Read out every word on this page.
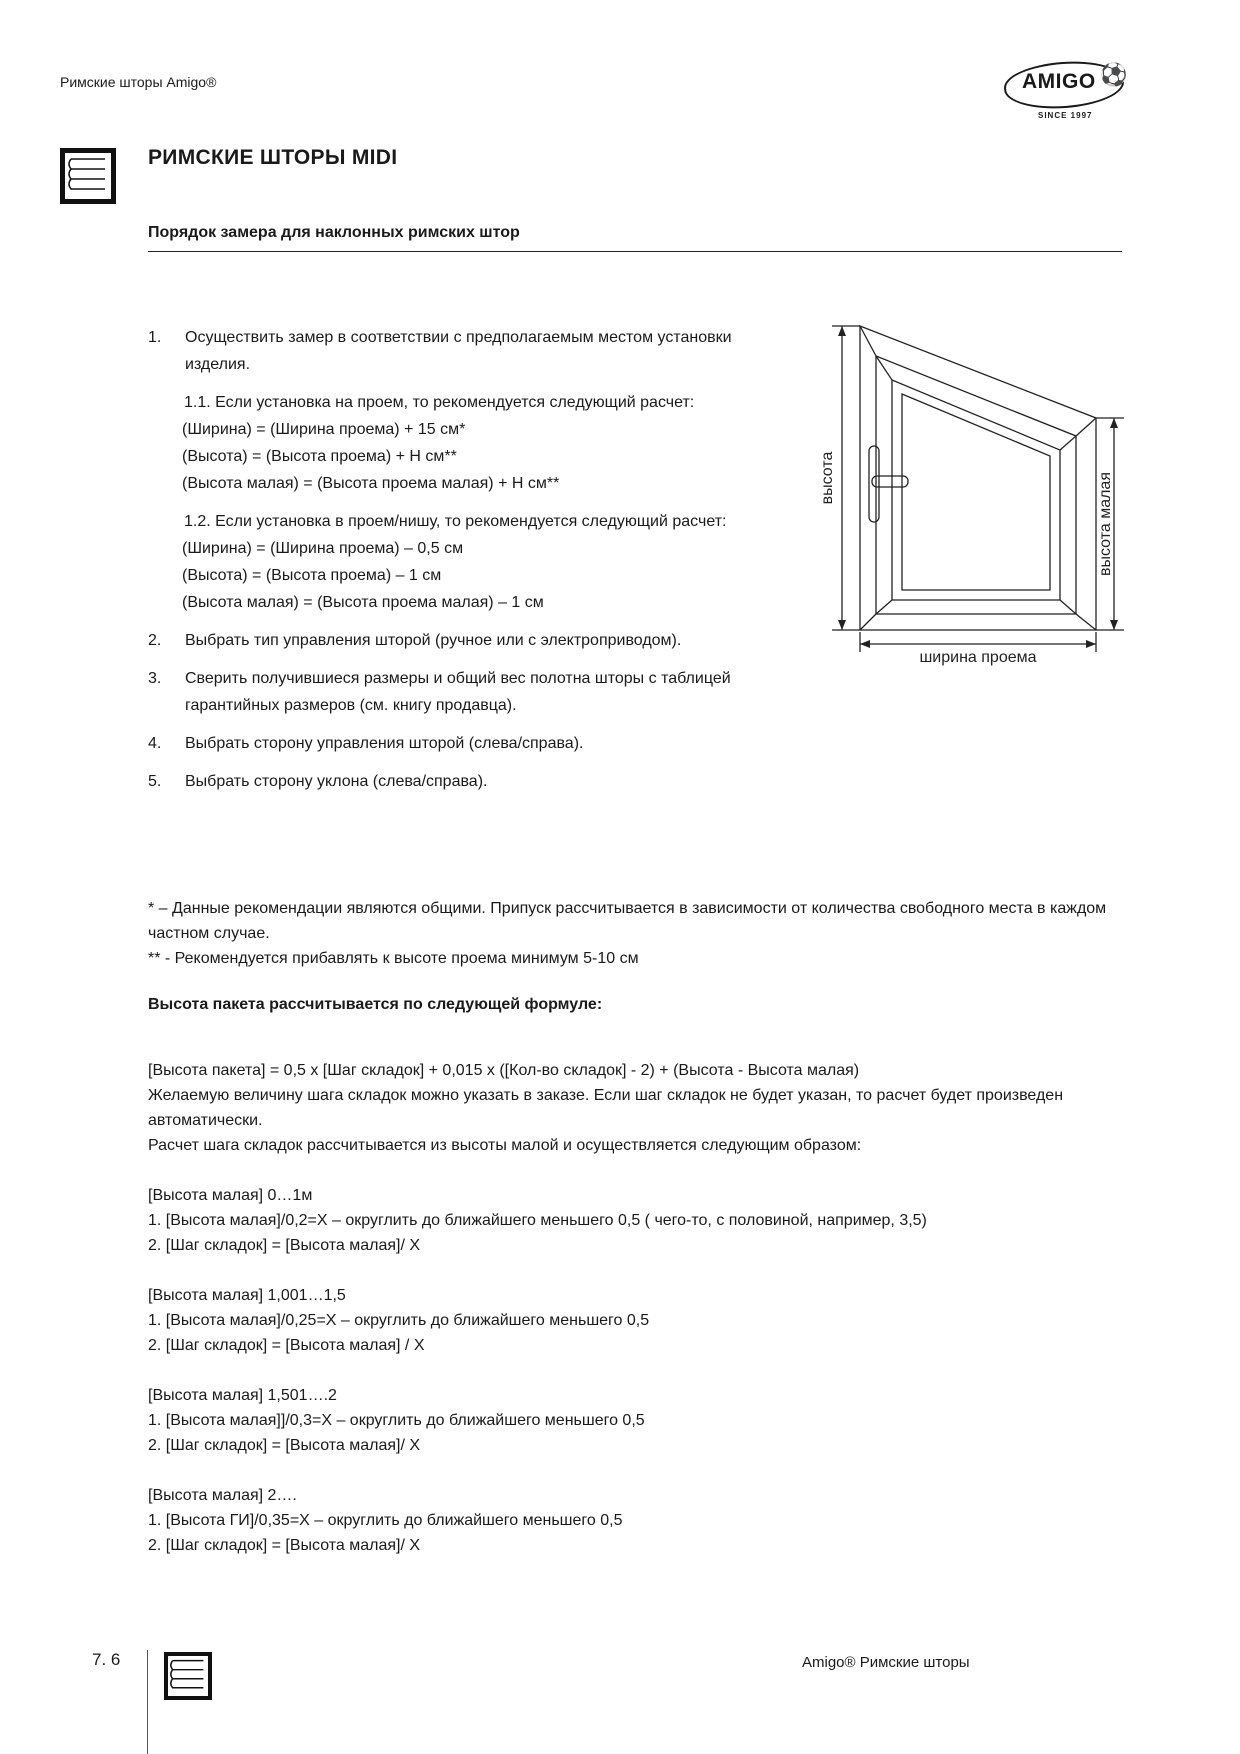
Римские шторы Amigo®	AMIGO ⚽
SINCE 1997
РИМСКИЕ ШТОРЫ MIDI
Порядок замера для наклонных римских штор
1.	Осуществить замер в соответствии с предполагаемым местом установки изделия.
1.1. Если установка на проем, то рекомендуется следующий расчет:
(Ширина) = (Ширина проема) + 15 см*
(Высота) = (Высота проема) + Н см**
(Высота малая) = (Высота проема малая) + Н см**
1.2. Если установка в проем/нишу, то рекомендуется следующий расчет:
(Ширина) = (Ширина проема) – 0,5 см
(Высота) = (Высота проема) – 1 см
(Высота малая) = (Высота проема малая) – 1 см
2.	Выбрать тип управления шторой (ручное или с электроприводом).
3.	Сверить получившиеся размеры и общий вес полотна шторы с таблицей гарантийных размеров (см. книгу продавца).
4.	Выбрать сторону управления шторой (слева/справа).
5.	Выбрать сторону уклона (слева/справа).
высота	высота малая
ширина проема
* – Данные рекомендации являются общими. Припуск рассчитывается в зависимости от количества свободного места в каждом частном случае.
** - Рекомендуется прибавлять к высоте проема минимум 5-10 см
Высота пакета рассчитывается по следующей формуле:
[Высота пакета] = 0,5 x [Шаг складок] + 0,015 x ([Кол-во складок] - 2) + (Высота - Высота малая)
Желаемую величину шага складок можно указать в заказе. Если шаг складок не будет указан, то расчет будет произведен автоматически.
Расчет шага складок рассчитывается из высоты малой и осуществляется следующим образом:
[Высота малая] 0…1м
1. [Высота малая]/0,2=X – округлить до ближайшего меньшего 0,5 ( чего-то, с половиной, например, 3,5)
2. [Шаг складок] = [Высота малая]/ X
[Высота малая] 1,001…1,5
1. [Высота малая]/0,25=X – округлить до ближайшего меньшего 0,5
2. [Шаг складок] = [Высота малая] / X
[Высота малая] 1,501….2
1. [Высота малая]]/0,3=X – округлить до ближайшего меньшего 0,5
2. [Шаг складок] = [Высота малая]/ X
[Высота малая] 2….
1. [Высота ГИ]/0,35=X – округлить до ближайшего меньшего 0,5
2. [Шаг складок] = [Высота малая]/ X
7. 6	Amigo® Римские шторы
